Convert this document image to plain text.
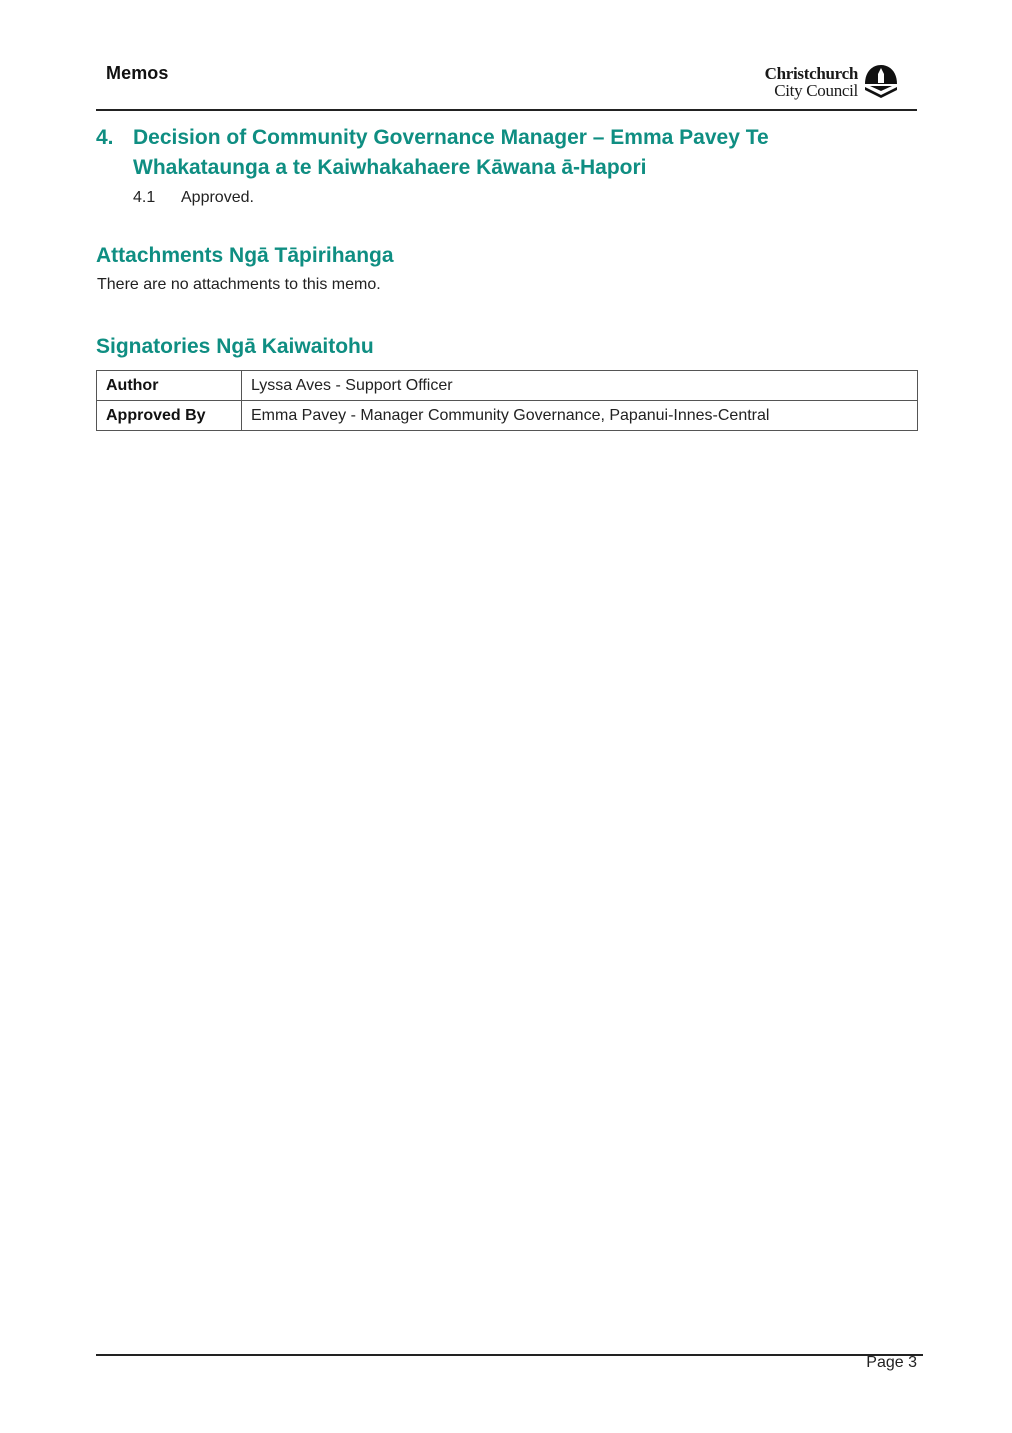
Memos	Christchurch
City Council
4. Decision of Community Governance Manager – Emma Pavey Te Whakataunga a te Kaiwhakahaere Kāwana ā-Hapori
4.1 Approved.
Attachments Ngā Tāpirihanga
There are no attachments to this memo.
Signatories Ngā Kaiwaitohu
Author	Lyssa Aves - Support Officer
Approved By	Emma Pavey - Manager Community Governance, Papanui-Innes-Central
Page 3
